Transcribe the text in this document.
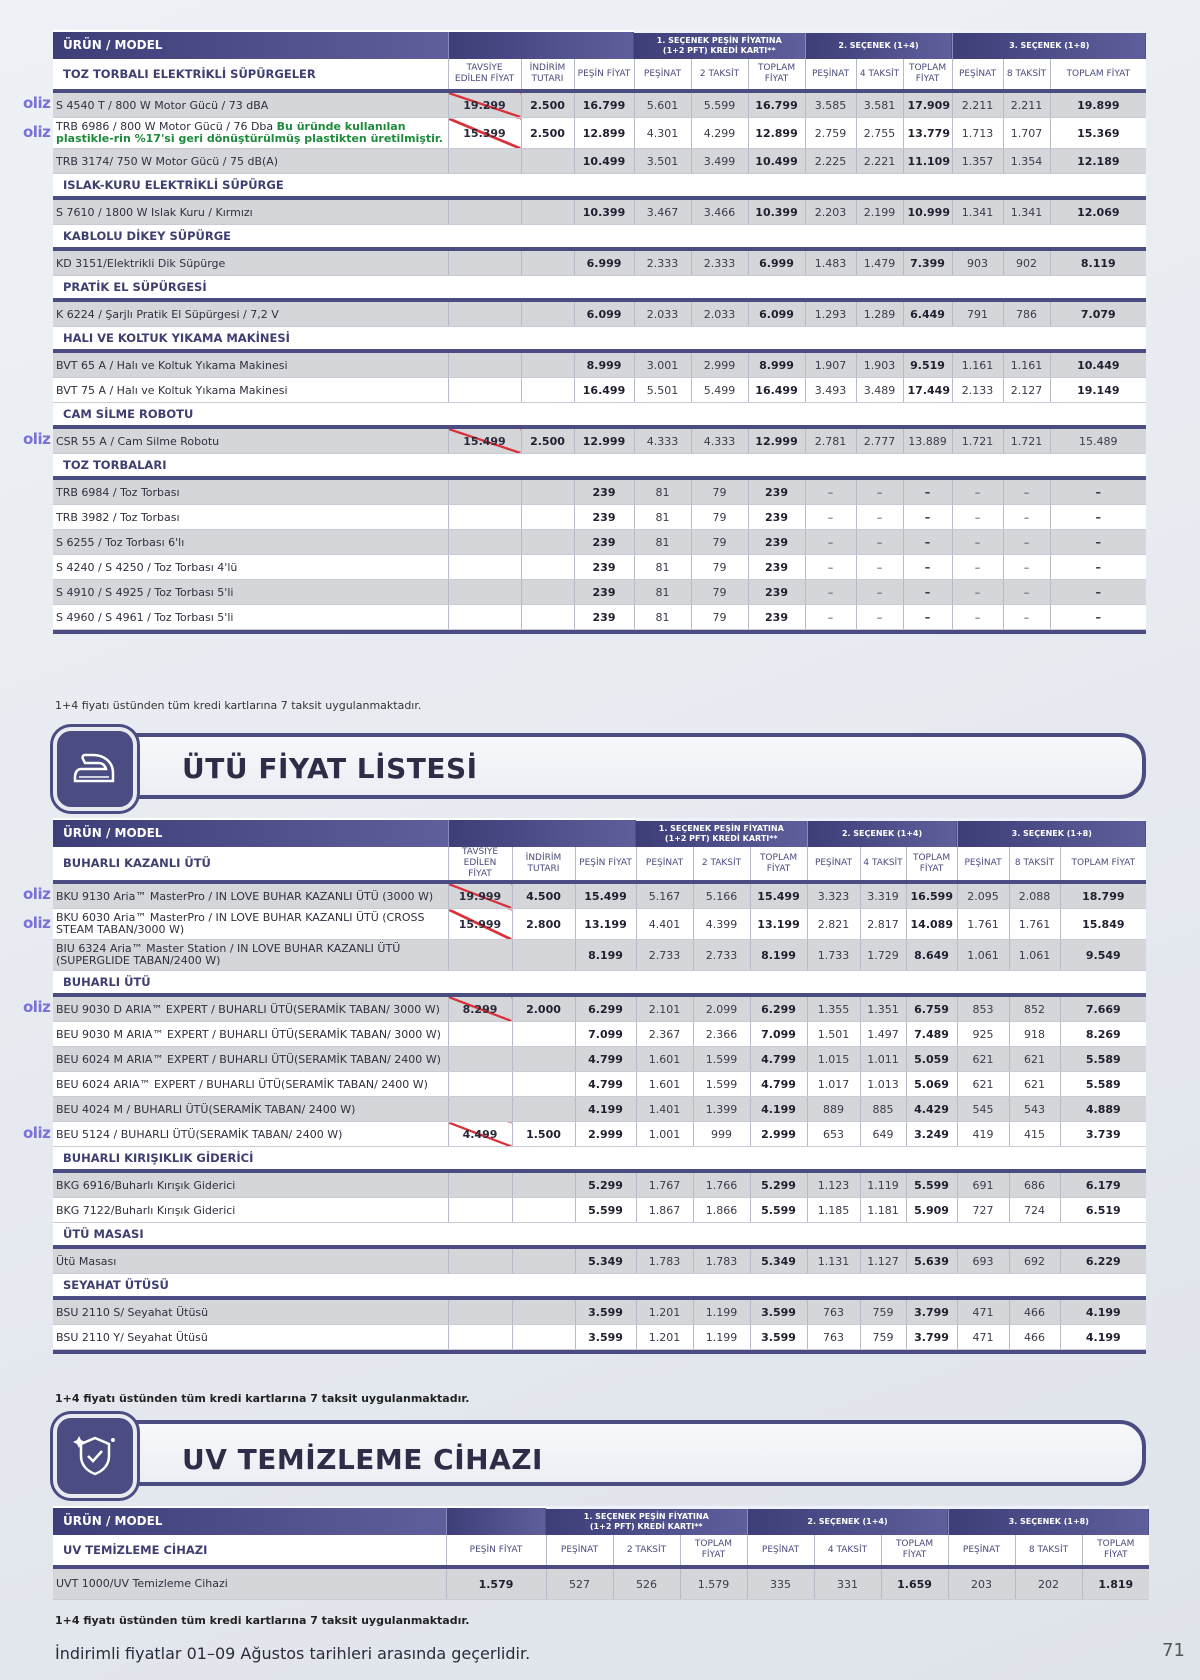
ÜRÜN / MODEL				1. SEÇENEK PEŞİN FİYATINA
(1+2 PFT) KREDİ KARTI**			2. SEÇENEK (1+4)			3. SEÇENEK (1+8)		
TOZ TORBALI ELEKTRİKLİ SÜPÜRGELER	TAVSİYE EDİLEN FİYAT	İNDİRİM TUTARI	PEŞİN FİYAT	PEŞİNAT	2 TAKSİT	TOPLAM FİYAT	PEŞİNAT	4 TAKSİT	TOPLAM FİYAT	PEŞİNAT	8 TAKSİT	TOPLAM FİYAT
S 4540 T / 800 W Motor Gücü / 73 dBA	19.299	2.500	16.799	5.601	5.599	16.799	3.585	3.581	17.909	2.211	2.211	19.899
TRB 6986 / 800 W Motor Gücü / 76 Dba Bu üründe kullanılan plastikle-rin %17'si geri dönüştürülmüş plastikten üretilmiştir.	15.399	2.500	12.899	4.301	4.299	12.899	2.759	2.755	13.779	1.713	1.707	15.369
TRB 3174/ 750 W Motor Gücü / 75 dB(A)			10.499	3.501	3.499	10.499	2.225	2.221	11.109	1.357	1.354	12.189
ISLAK-KURU ELEKTRİKLİ SÜPÜRGE												
S 7610 / 1800 W Islak Kuru / Kırmızı			10.399	3.467	3.466	10.399	2.203	2.199	10.999	1.341	1.341	12.069
KABLOLU DİKEY SÜPÜRGE												
KD 3151/Elektrikli Dik Süpürge			6.999	2.333	2.333	6.999	1.483	1.479	7.399	903	902	8.119
PRATİK EL SÜPÜRGESİ												
K 6224 / Şarjlı Pratik El Süpürgesi / 7,2 V			6.099	2.033	2.033	6.099	1.293	1.289	6.449	791	786	7.079
HALI VE KOLTUK YIKAMA MAKİNESİ												
BVT 65 A / Halı ve Koltuk Yıkama Makinesi			8.999	3.001	2.999	8.999	1.907	1.903	9.519	1.161	1.161	10.449
BVT 75 A / Halı ve Koltuk Yıkama Makinesi			16.499	5.501	5.499	16.499	3.493	3.489	17.449	2.133	2.127	19.149
CAM SİLME ROBOTU												
CSR 55 A / Cam Silme Robotu	15.499	2.500	12.999	4.333	4.333	12.999	2.781	2.777	13.889	1.721	1.721	15.489
TOZ TORBALARI												
TRB 6984 / Toz Torbası			239	81	79	239	–	–	–	–	–	–
TRB 3982 / Toz Torbası			239	81	79	239	–	–	–	–	–	–
S 6255 / Toz Torbası 6'lı			239	81	79	239	–	–	–	–	–	–
S 4240 / S 4250 / Toz Torbası 4'lü			239	81	79	239	–	–	–	–	–	–
S 4910 / S 4925 / Toz Torbası 5'li			239	81	79	239	–	–	–	–	–	–
S 4960 / S 4961 / Toz Torbası 5'li			239	81	79	239	–	–	–	–	–	–

1+4 fiyatı üstünden tüm kredi kartlarına 7 taksit uygulanmaktadır.
ÜTÜ FİYAT LİSTESİ
ÜRÜN / MODEL				1. SEÇENEK PEŞİN FİYATINA
(1+2 PFT) KREDİ KARTI**			2. SEÇENEK (1+4)			3. SEÇENEK (1+8)		
BUHARLI KAZANLI ÜTÜ	TAVSİYE EDİLEN FİYAT	İNDİRİM TUTARI	PEŞİN FİYAT	PEŞİNAT	2 TAKSİT	TOPLAM FİYAT	PEŞİNAT	4 TAKSİT	TOPLAM FİYAT	PEŞİNAT	8 TAKSİT	TOPLAM FİYAT
BKU 9130 Aria™ MasterPro / IN LOVE BUHAR KAZANLI ÜTÜ (3000 W)	19.999	4.500	15.499	5.167	5.166	15.499	3.323	3.319	16.599	2.095	2.088	18.799
BKU 6030 Aria™ MasterPro / IN LOVE BUHAR KAZANLI ÜTÜ (CROSS STEAM TABAN/3000 W)	15.999	2.800	13.199	4.401	4.399	13.199	2.821	2.817	14.089	1.761	1.761	15.849
BIU 6324 Aria™ Master Station / IN LOVE BUHAR KAZANLI ÜTÜ (SUPERGLIDE TABAN/2400 W)			8.199	2.733	2.733	8.199	1.733	1.729	8.649	1.061	1.061	9.549
BUHARLI ÜTÜ												
BEU 9030 D ARIA™ EXPERT / BUHARLI ÜTÜ(SERAMİK TABAN/ 3000 W)	8.299	2.000	6.299	2.101	2.099	6.299	1.355	1.351	6.759	853	852	7.669
BEU 9030 M ARIA™ EXPERT / BUHARLI ÜTÜ(SERAMİK TABAN/ 3000 W)			7.099	2.367	2.366	7.099	1.501	1.497	7.489	925	918	8.269
BEU 6024 M ARIA™ EXPERT / BUHARLI ÜTÜ(SERAMİK TABAN/ 2400 W)			4.799	1.601	1.599	4.799	1.015	1.011	5.059	621	621	5.589
BEU 6024 ARIA™ EXPERT / BUHARLI ÜTÜ(SERAMİK TABAN/ 2400 W)			4.799	1.601	1.599	4.799	1.017	1.013	5.069	621	621	5.589
BEU 4024 M / BUHARLI ÜTÜ(SERAMİK TABAN/ 2400 W)			4.199	1.401	1.399	4.199	889	885	4.429	545	543	4.889
BEU 5124 / BUHARLI ÜTÜ(SERAMİK TABAN/ 2400 W)	4.499	1.500	2.999	1.001	999	2.999	653	649	3.249	419	415	3.739
BUHARLI KIRIŞIKLIK GİDERİCİ												
BKG 6916/Buharlı Kırışık Giderici			5.299	1.767	1.766	5.299	1.123	1.119	5.599	691	686	6.179
BKG 7122/Buharlı Kırışık Giderici			5.599	1.867	1.866	5.599	1.185	1.181	5.909	727	724	6.519
ÜTÜ MASASI												
Ütü Masası			5.349	1.783	1.783	5.349	1.131	1.127	5.639	693	692	6.229
SEYAHAT ÜTÜSÜ												
BSU 2110 S/ Seyahat Ütüsü			3.599	1.201	1.199	3.599	763	759	3.799	471	466	4.199
BSU 2110 Y/ Seyahat Ütüsü			3.599	1.201	1.199	3.599	763	759	3.799	471	466	4.199

1+4 fiyatı üstünden tüm kredi kartlarına 7 taksit uygulanmaktadır.
UV TEMİZLEME CİHAZI
ÜRÜN / MODEL		1. SEÇENEK PEŞİN FİYATINA
(1+2 PFT) KREDİ KARTI**			2. SEÇENEK (1+4)			3. SEÇENEK (1+8)		
UV TEMİZLEME CİHAZI	PEŞİN FİYAT	PEŞİNAT	2 TAKSİT	TOPLAM FİYAT	PEŞİNAT	4 TAKSİT	TOPLAM FİYAT	PEŞİNAT	8 TAKSİT	TOPLAM FİYAT
UVT 1000/UV Temizleme Cihazi	1.579	527	526	1.579	335	331	1.659	203	202	1.819
1+4 fiyatı üstünden tüm kredi kartlarına 7 taksit uygulanmaktadır.
İndirimli fiyatlar 01–09 Ağustos tarihleri arasında geçerlidir.	71
oliz
oliz
oliz
oliz
oliz
oliz
oliz
